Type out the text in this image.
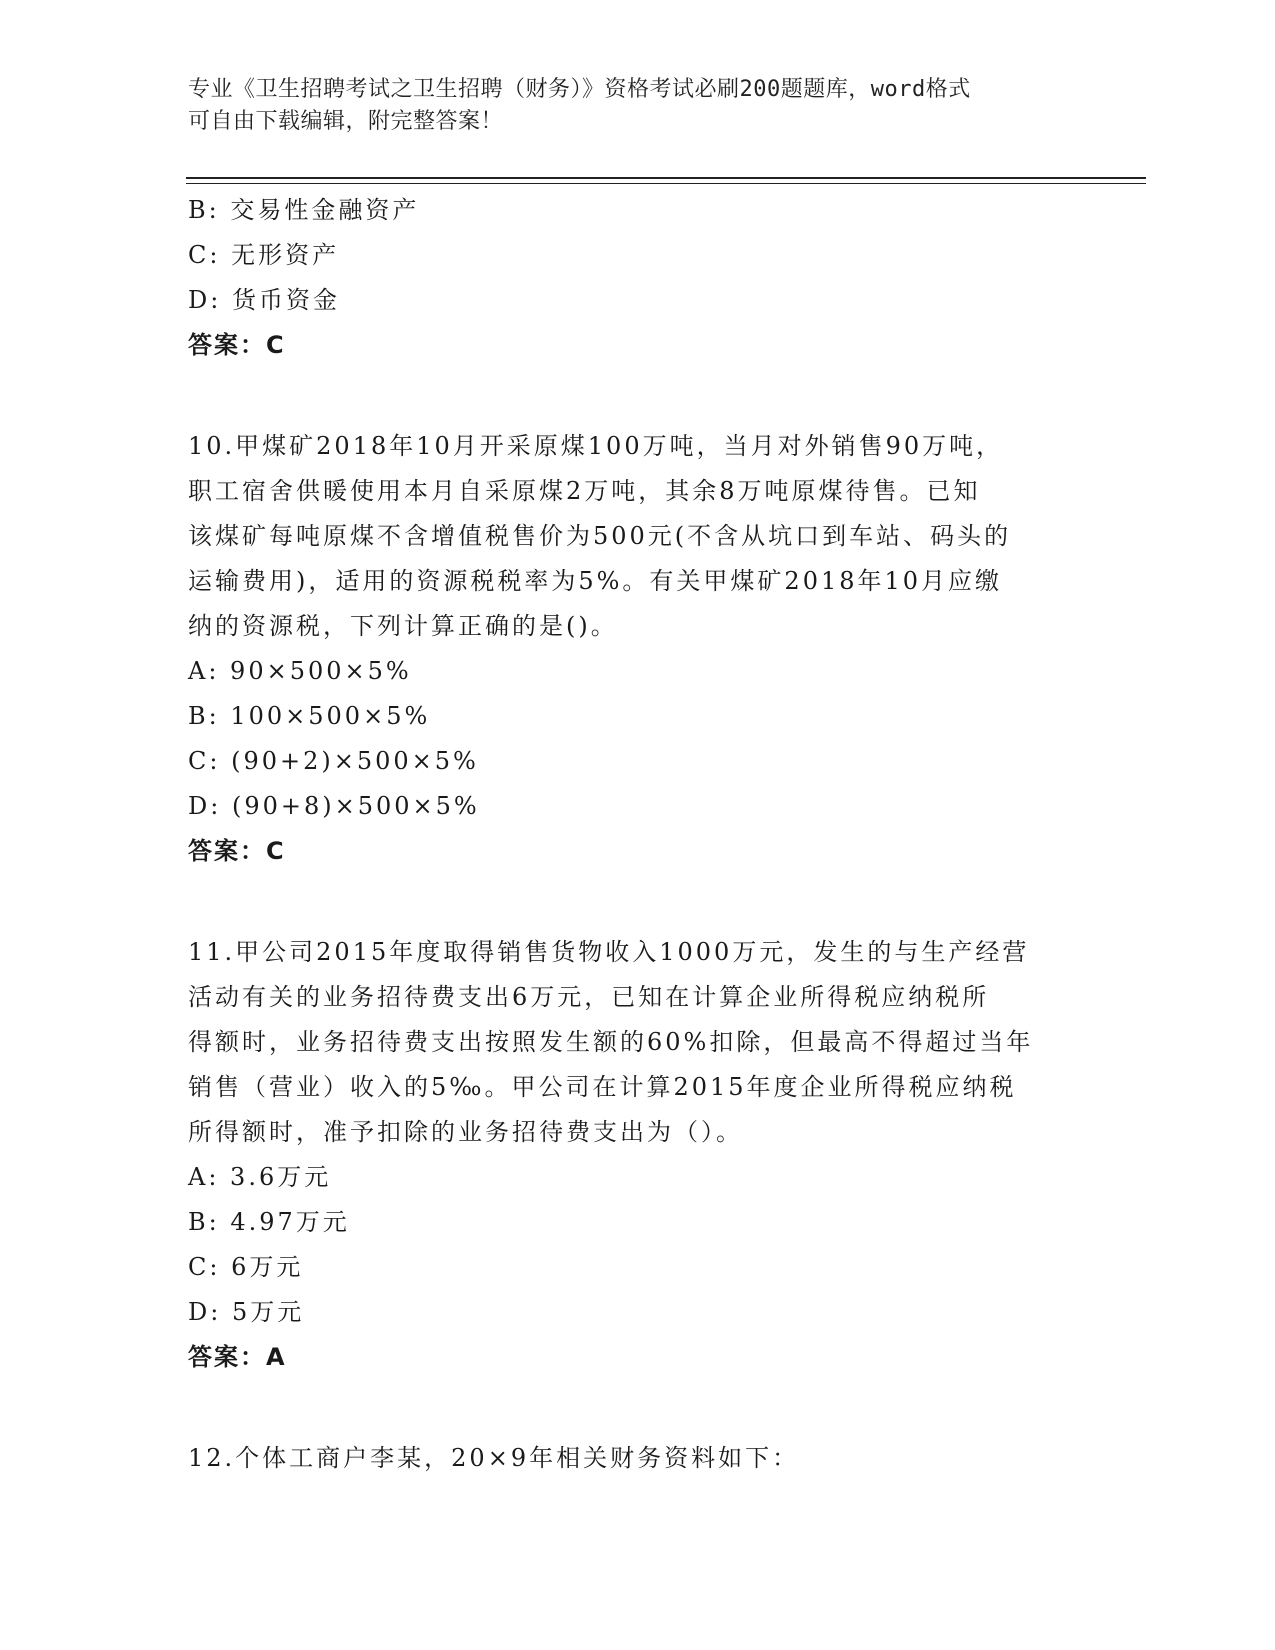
专业《卫生招聘考试之卫生招聘（财务）》资格考试必刷200题题库，word格式
可自由下载编辑，附完整答案！
B: 交易性金融资产
C: 无形资产
D: 货币资金
答案：C
10.甲煤矿2018年10月开采原煤100万吨，当月对外销售90万吨，
职工宿舍供暖使用本月自采原煤2万吨，其余8万吨原煤待售。已知
该煤矿每吨原煤不含增值税售价为500元(不含从坑口到车站、码头的
运输费用)，适用的资源税税率为5%。有关甲煤矿2018年10月应缴
纳的资源税，下列计算正确的是()。
A: 90×500×5%
B: 100×500×5%
C: (90+2)×500×5%
D: (90+8)×500×5%
答案：C
11.甲公司2015年度取得销售货物收入1000万元，发生的与生产经营
活动有关的业务招待费支出6万元，已知在计算企业所得税应纳税所
得额时，业务招待费支出按照发生额的60%扣除，但最高不得超过当年
销售（营业）收入的5‰。甲公司在计算2015年度企业所得税应纳税
所得额时，准予扣除的业务招待费支出为（）。
A: 3.6万元
B: 4.97万元
C: 6万元
D: 5万元
答案：A
12.个体工商户李某，20×9年相关财务资料如下：
